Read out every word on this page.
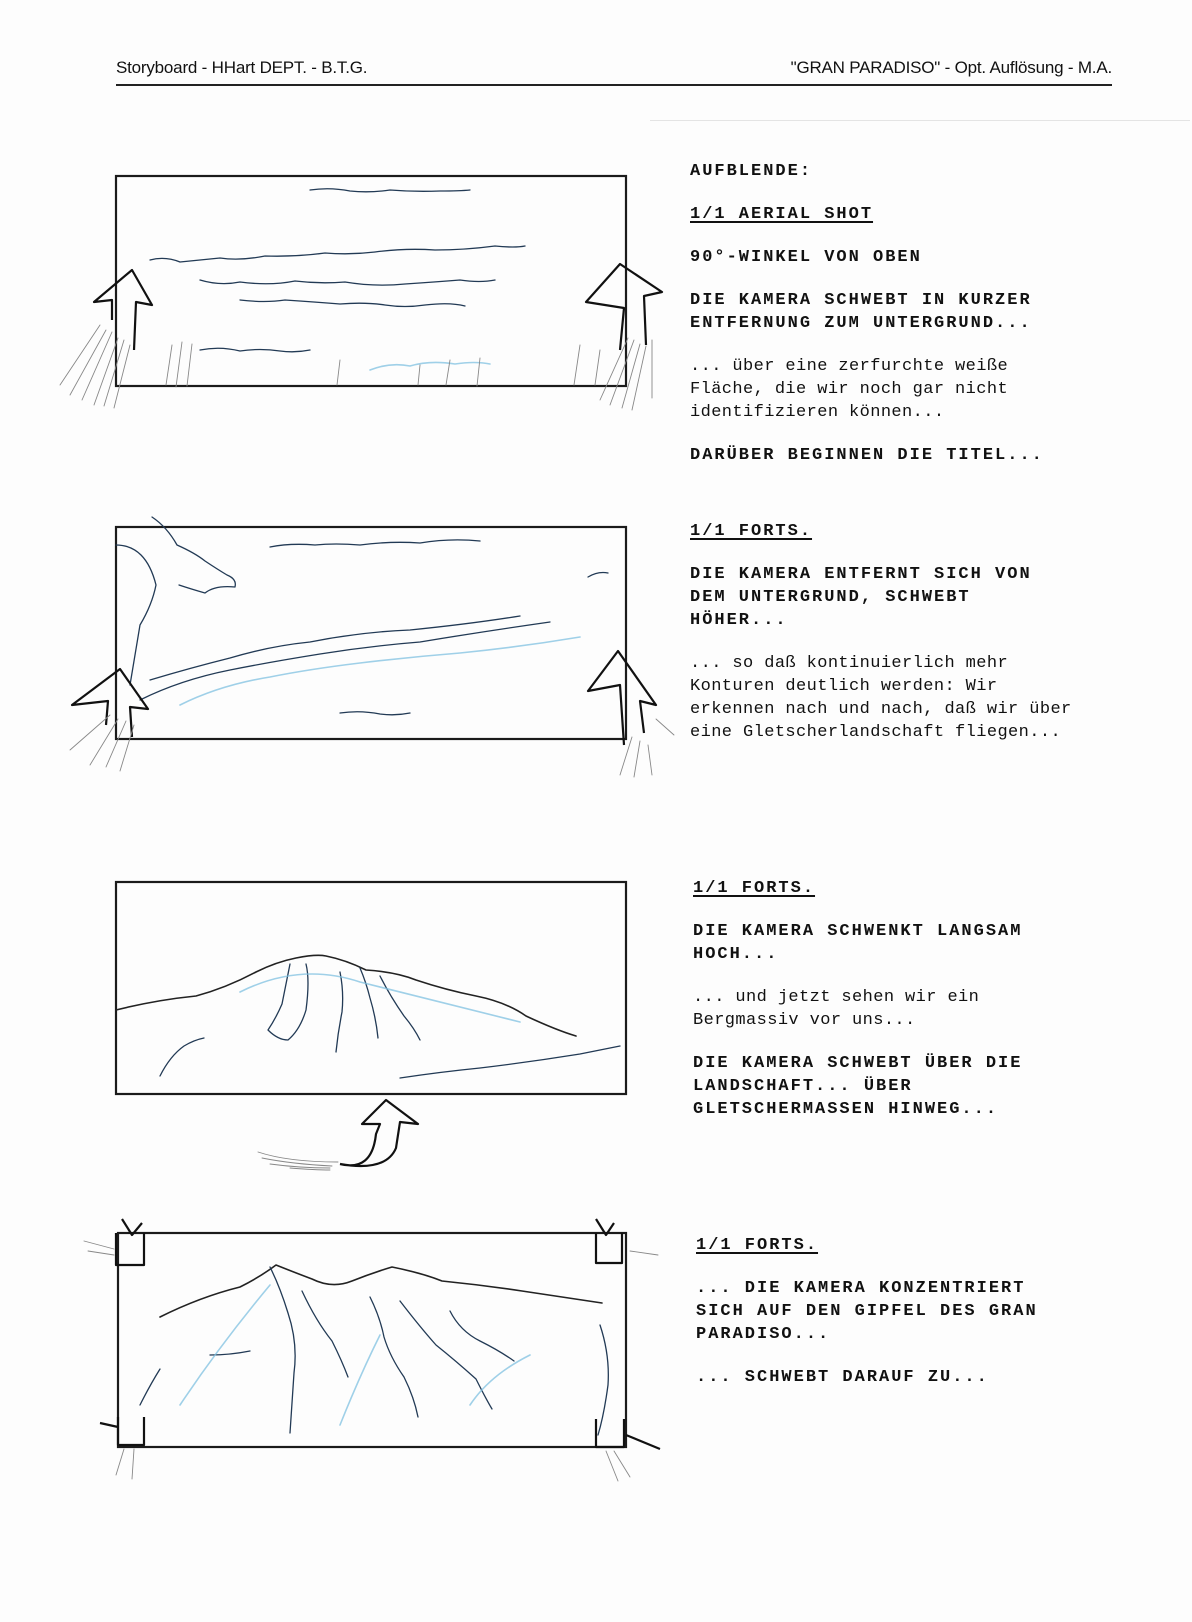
Storyboard - HHart DEPT. - B.T.G.	"GRAN PARADISO" - Opt. Auflösung - M.A.

AUFBLENDE:

1/1 AERIAL SHOT

90°-WINKEL VON OBEN

DIE KAMERA SCHWEBT IN KURZER
ENTFERNUNG ZUM UNTERGRUND...

... über eine zerfurchte weiße
Fläche, die wir noch gar nicht
identifizieren können...

DARÜBER BEGINNEN DIE TITEL...

1/1 FORTS.

DIE KAMERA ENTFERNT SICH VON
DEM UNTERGRUND, SCHWEBT
HÖHER...

... so daß kontinuierlich mehr
Konturen deutlich werden: Wir
erkennen nach und nach, daß wir über
eine Gletscherlandschaft fliegen...

1/1 FORTS.

DIE KAMERA SCHWENKT LANGSAM
HOCH...

... und jetzt sehen wir ein
Bergmassiv vor uns...

DIE KAMERA SCHWEBT ÜBER DIE
LANDSCHAFT... ÜBER
GLETSCHERMASSEN HINWEG...

1/1 FORTS.

... DIE KAMERA KONZENTRIERT
SICH AUF DEN GIPFEL DES GRAN
PARADISO...

... SCHWEBT DARAUF ZU...
